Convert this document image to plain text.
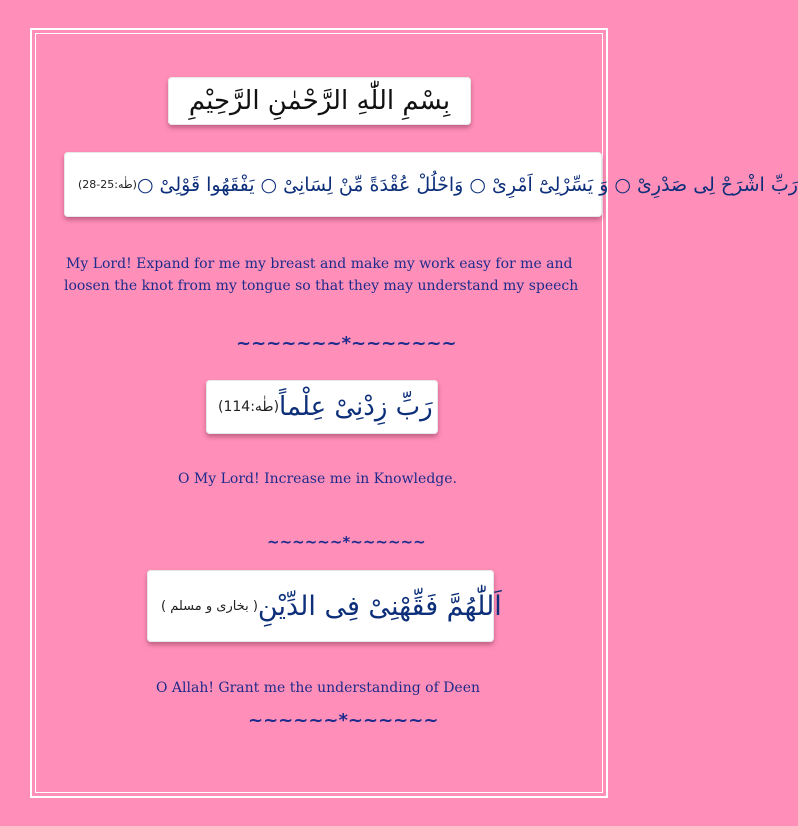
بِسْمِ اللّٰهِ الرَّحْمٰنِ الرَّحِيْمِ
(طٰه:25-28) رَبِّ اشْرَحْ لِی صَدْرِیْ ○ وَ یَسِّرْلِیْٓ اَمْرِیْ ○ وَاحْلُلْ عُقْدَةً مِّنْ لِسَانِیْ ○ یَفْقَهُوا قَوْلِیْ ○
My Lord! Expand for me my breast and make my work easy for me and
loosen the knot from my tongue so that they may understand my speech
~~~~~~~*~~~~~~~
(طٰه:114) رَبِّ زِدْنِیْ عِلْماً
O My Lord! Increase me in Knowledge.
~~~~~~*~~~~~~
( بخاری و مسلم ) اَللّٰهُمَّ فَقِّهْنِیْ فِی الدِّیْنِ
O Allah! Grant me the understanding of Deen
~~~~~~*~~~~~~
